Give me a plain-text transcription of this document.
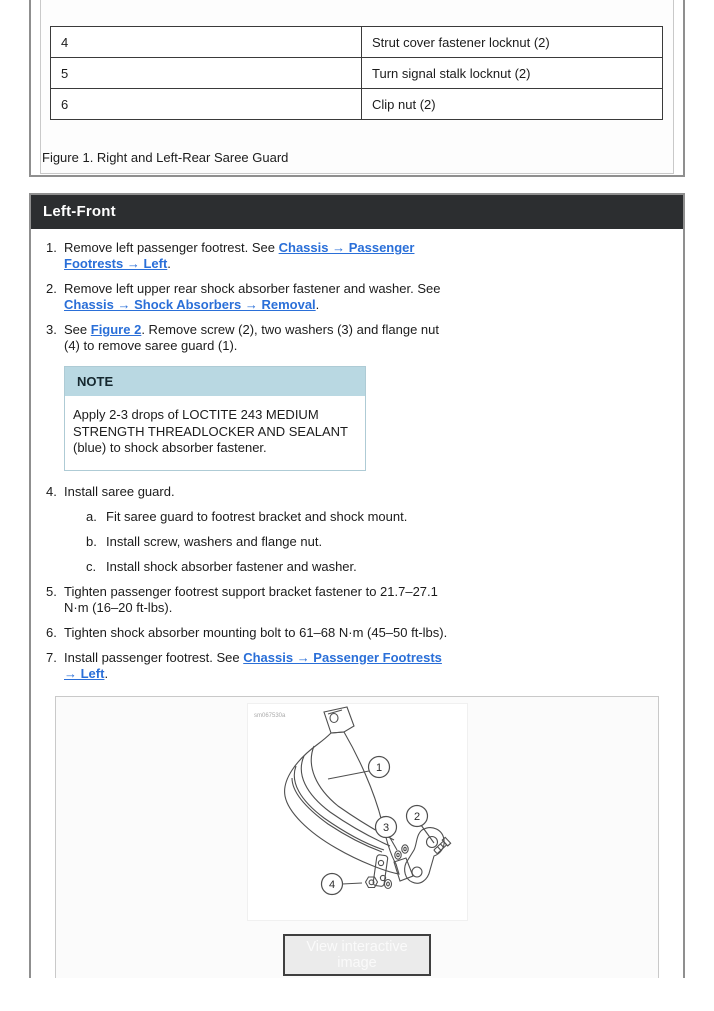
4	Strut cover fastener locknut (2)
5	Turn signal stalk locknut (2)
6	Clip nut (2)
Figure 1. Right and Left-Rear Saree Guard
Left-Front
1. Remove left passenger footrest. See Chassis → Passenger Footrests → Left.
2. Remove left upper rear shock absorber fastener and washer. See Chassis → Shock Absorbers → Removal.
3. See Figure 2. Remove screw (2), two washers (3) and flange nut (4) to remove saree guard (1).
NOTE
Apply 2-3 drops of LOCTITE 243 MEDIUM STRENGTH THREADLOCKER AND SEALANT (blue) to shock absorber fastener.
4. Install saree guard.
a. Fit saree guard to footrest bracket and shock mount.
b. Install screw, washers and flange nut.
c. Install shock absorber fastener and washer.
5. Tighten passenger footrest support bracket fastener to 21.7–27.1 N·m (16–20 ft-lbs).
6. Tighten shock absorber mounting bolt to 61–68 N·m (45–50 ft-lbs).
7. Install passenger footrest. See Chassis → Passenger Footrests → Left.
sm067530a
1
2
3
4
View interactive image
